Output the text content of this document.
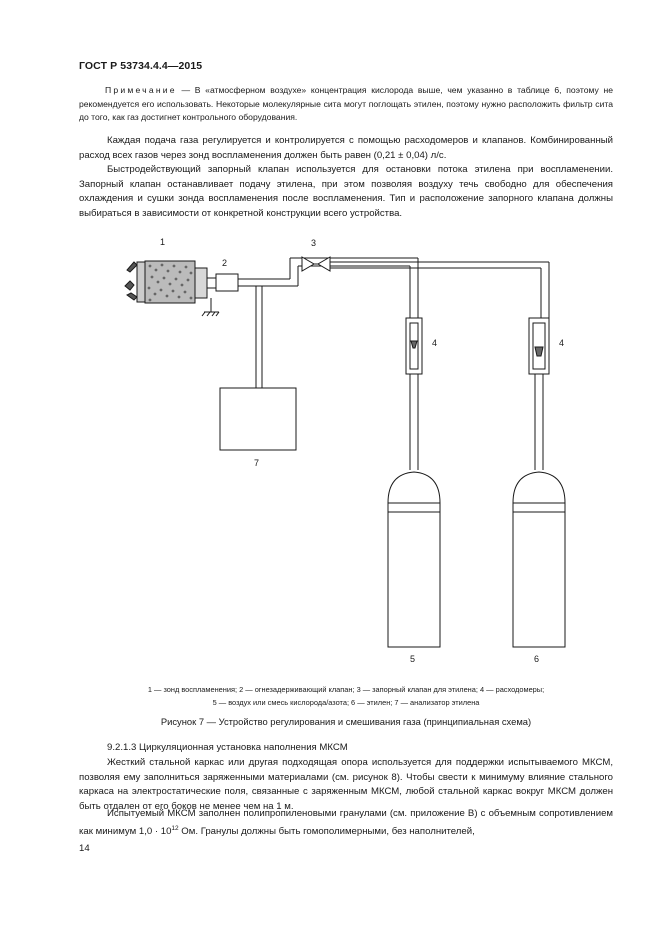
ГОСТ Р 53734.4.4—2015
Примечание — В «атмосферном воздухе» концентрация кислорода выше, чем указанно в таблице 6, поэтому не рекомендуется его использовать. Некоторые молекулярные сита могут поглощать этилен, поэтому нужно расположить фильтр сита до того, как газ достигнет контрольного оборудования.

Каждая подача газа регулируется и контролируется с помощью расходомеров и клапанов. Комбинированный расход всех газов через зонд воспламенения должен быть равен (0,21 ± 0,04) л/с.

Быстродействующий запорный клапан используется для остановки потока этилена при воспламенении. Запорный клапан останавливает подачу этилена, при этом позволяя воздуху течь свободно для обеспечения охлаждения и сушки зонда воспламенения после воспламенения. Тип и расположение запорного клапана должны выбираться в зависимости от конкретной конструкции всего устройства.

1
2
3
4	4
5	6
7
1 — зонд воспламенения; 2 — огнезадерживающий клапан; 3 — запорный клапан для этилена; 4 — расходомеры;
5 — воздух или смесь кислорода/азота; 6 — этилен; 7 — анализатор этилена
Рисунок 7 — Устройство регулирования и смешивания газа (принципиальная схема)
9.2.1.3 Циркуляционная установка наполнения МКСМ

Жесткий стальной каркас или другая подходящая опора используется для поддержки испытываемого МКСМ, позволяя ему заполниться заряженными материалами (см. рисунок 8). Чтобы свести к минимуму влияние стального каркаса на электростатические поля, связанные с заряженным МКСМ, любой стальной каркас вокруг МКСМ должен быть отдален от его боков не менее чем на 1 м.

Испытуемый МКСМ заполнен полипропиленовыми гранулами (см. приложение В) с объемным сопротивлением как минимум $1,0 \cdot 10^{12}$ Ом. Гранулы должны быть гомополимерными, без наполнителей,

14
